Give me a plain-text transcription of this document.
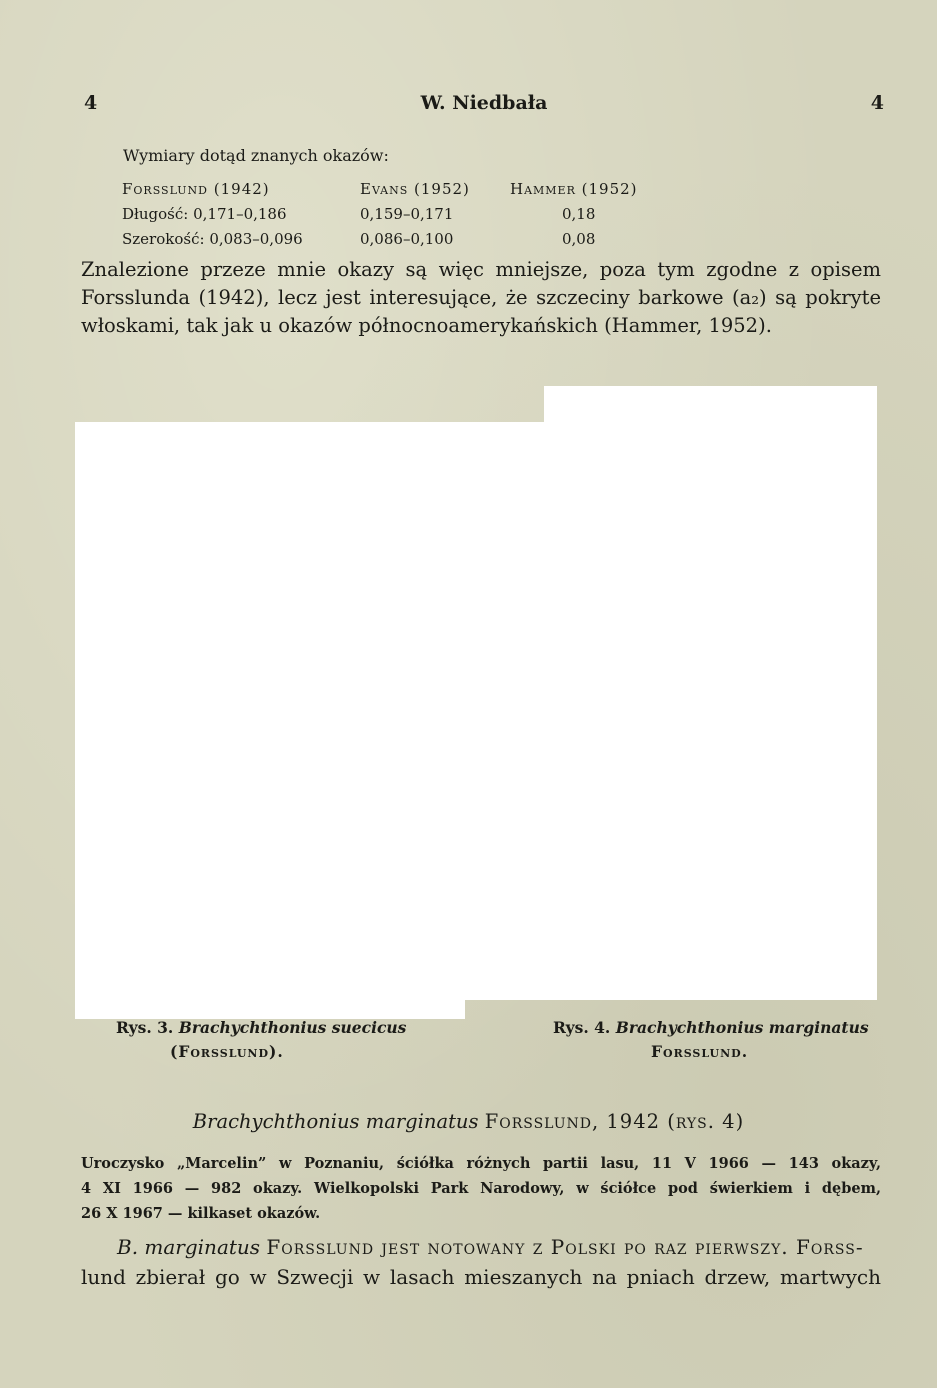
4	W. Niedbała	4
Wymiary dotąd znanych okazów:
Forsslund (1942)	Evans (1952)	Hammer (1952)
Długość: 0,171–0,186	0,159–0,171	0,18
Szerokość: 0,083–0,096	0,086–0,100	0,08
Znalezione przeze mnie okazy są więc mniejsze, poza tym zgodne z opisem
Forsslunda (1942), lecz jest interesujące, że szczeciny barkowe (a₂) są pokryte
włoskami, tak jak u okazów północnoamerykańskich (Hammer, 1952).
Rys. 3. Brachychthonius suecicus
(Forsslund).
Rys. 4. Brachychthonius marginatus
Forsslund.
Brachychthonius marginatus Forsslund, 1942 (rys. 4)
Uroczysko „Marcelin” w Poznaniu, ściółka różnych partii lasu, 11 V 1966 — 143 okazy,
4 XI 1966 — 982 okazy. Wielkopolski Park Narodowy, w ściółce pod świerkiem i dębem,
26 X 1967 — kilkaset okazów.
B. marginatus Forsslund jest notowany z Polski po raz pierwszy. Forss-
lund zbierał go w Szwecji w lasach mieszanych na pniach drzew, martwych
